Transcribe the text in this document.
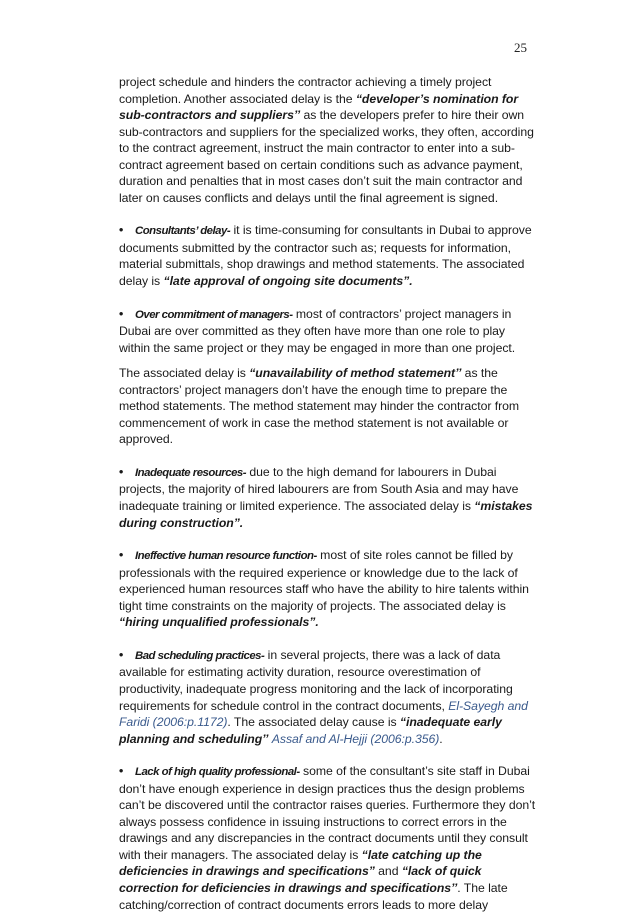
25

project schedule and hinders the contractor achieving a timely project completion. Another associated delay is the “developer’s nomination for sub-contractors and suppliers’’ as the developers prefer to hire their own sub-contractors and suppliers for the specialized works, they often, according to the contract agreement, instruct the main contractor to enter into a sub-contract agreement based on certain conditions such as advance payment, duration and penalties that in most cases don’t suit the main contractor and later on causes conflicts and delays until the final agreement is signed.

• Consultants’ delay- it is time-consuming for consultants in Dubai to approve documents submitted by the contractor such as; requests for information, material submittals, shop drawings and method statements. The associated delay is “late approval of ongoing site documents”.

• Over commitment of managers- most of contractors’ project managers in Dubai are over committed as they often have more than one role to play within the same project or they may be engaged in more than one project.

The associated delay is “unavailability of method statement’’ as the contractors’ project managers don’t have the enough time to prepare the method statements. The method statement may hinder the contractor from commencement of work in case the method statement is not available or approved.

• Inadequate resources- due to the high demand for labourers in Dubai projects, the majority of hired labourers are from South Asia and may have inadequate training or limited experience. The associated delay is “mistakes during construction”.

• Ineffective human resource function- most of site roles cannot be filled by professionals with the required experience or knowledge due to the lack of experienced human resources staff who have the ability to hire talents within tight time constraints on the majority of projects. The associated delay is “hiring unqualified professionals”.

• Bad scheduling practices- in several projects, there was a lack of data available for estimating activity duration, resource overestimation of productivity, inadequate progress monitoring and the lack of incorporating requirements for schedule control in the contract documents, El-Sayegh and Faridi (2006:p.1172). The associated delay cause is “inadequate early planning and scheduling’’ Assaf and Al-Hejji (2006:p.356).

• Lack of high quality professional- some of the consultant’s site staff in Dubai don’t have enough experience in design practices thus the design problems can’t be discovered until the contractor raises queries. Furthermore they don’t always possess confidence in issuing instructions to correct errors in the drawings and any discrepancies in the contract documents until they consult with their managers. The associated delay is “late catching up the deficiencies in drawings and specifications” and “lack of quick correction for deficiencies in drawings and specifications’’. The late catching/correction of contract documents errors leads to more delay
